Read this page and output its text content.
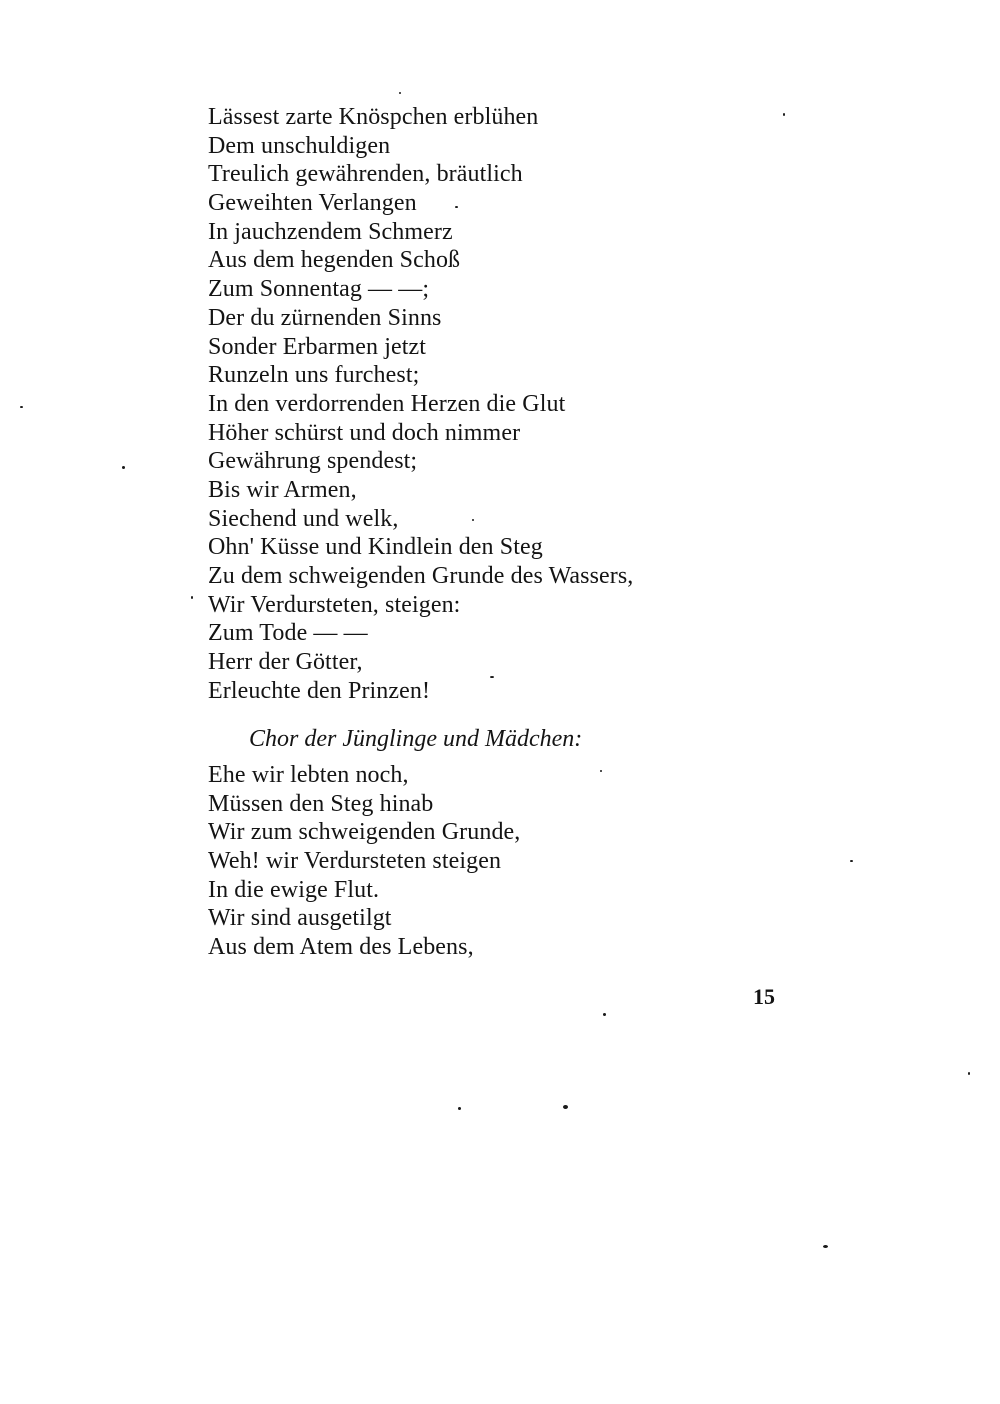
Lässest zarte Knöspchen erblühen
Dem unschuldigen
Treulich gewährenden, bräutlich
Geweihten Verlangen
In jauchzendem Schmerz
Aus dem hegenden Schoß
Zum Sonnentag — —;
Der du zürnenden Sinns
Sonder Erbarmen jetzt
Runzeln uns furchest;
In den verdorrenden Herzen die Glut
Höher schürst und doch nimmer
Gewährung spendest;
Bis wir Armen,
Siechend und welk,
Ohn' Küsse und Kindlein den Steg
Zu dem schweigenden Grunde des Wassers,
Wir Verdursteten, steigen:
Zum Tode — —
Herr der Götter,
Erleuchte den Prinzen!
Chor der Jünglinge und Mädchen:
Ehe wir lebten noch,
Müssen den Steg hinab
Wir zum schweigenden Grunde,
Weh! wir Verdursteten steigen
In die ewige Flut.
Wir sind ausgetilgt
Aus dem Atem des Lebens,
15
